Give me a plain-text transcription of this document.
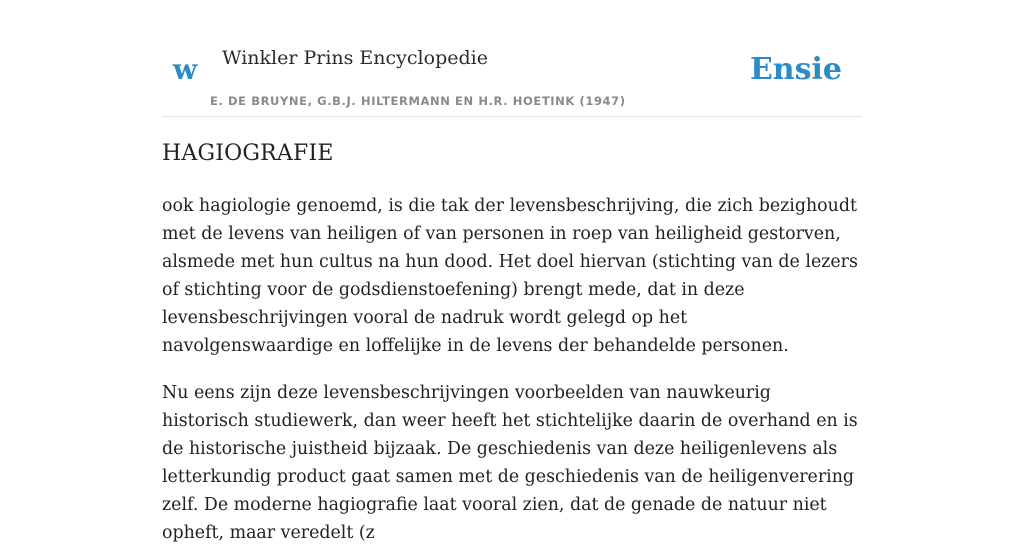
w Winkler Prins Encyclopedie
E. DE BRUYNE, G.B.J. HILTERMANN EN H.R. HOETINK (1947)
Ensie
HAGIOGRAFIE

ook hagiologie genoemd, is die tak der levensbeschrijving, die zich bezighoudt met de levens van heiligen of van personen in roep van heiligheid gestorven, alsmede met hun cultus na hun dood. Het doel hiervan (stichting van de lezers of stichting voor de godsdienstoefening) brengt mede, dat in deze levensbeschrijvingen vooral de nadruk wordt gelegd op het navolgenswaardige en loffelijke in de levens der behandelde personen.

Nu eens zijn deze levensbeschrijvingen voorbeelden van nauwkeurig historisch studiewerk, dan weer heeft het stichtelijke daarin de overhand en is de historische juistheid bijzaak. De geschiedenis van deze heiligenlevens als letterkundig product gaat samen met de geschiedenis van de heiligenverering zelf. De moderne hagiografie laat vooral zien, dat de genade de natuur niet opheft, maar veredelt (z
